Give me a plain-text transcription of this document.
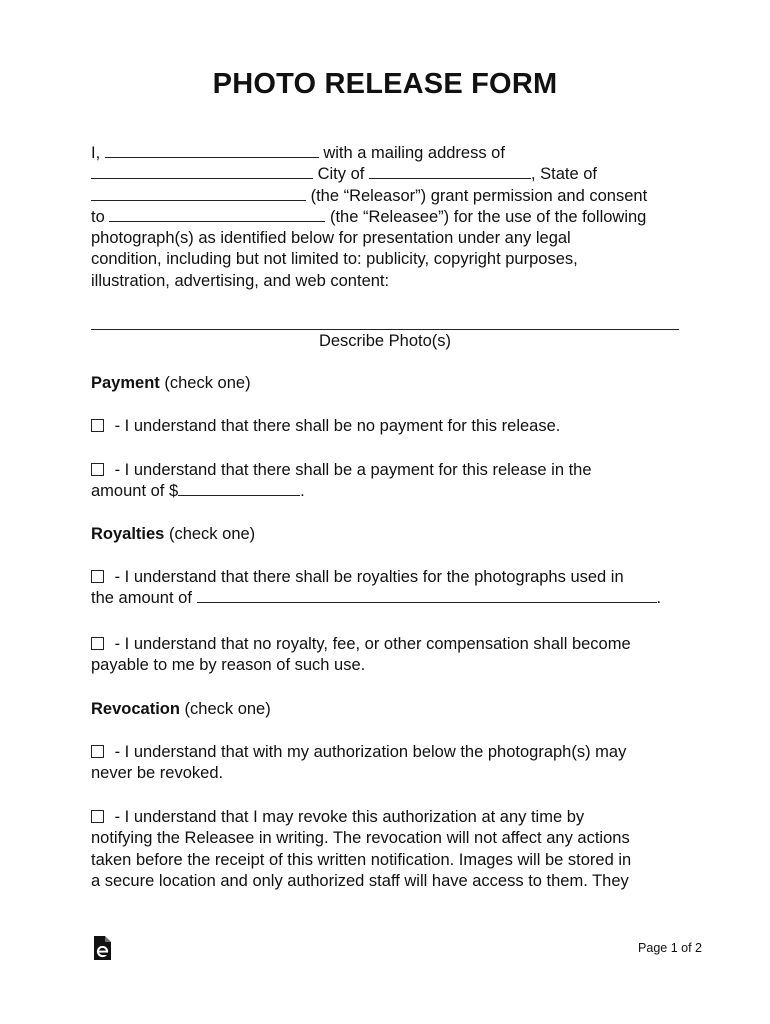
PHOTO RELEASE FORM
I,	with a mailing address of
City of	, State of
(the “Releasor”) grant permission and consent
to	(the “Releasee”) for the use of the following
photograph(s) as identified below for presentation under any legal
condition, including but not limited to: publicity, copyright purposes,
illustration, advertising, and web content:
Describe Photo(s)
Payment (check one)
- I understand that there shall be no payment for this release.
- I understand that there shall be a payment for this release in the
amount of $	.
Royalties (check one)
- I understand that there shall be royalties for the photographs used in
the amount of	.
- I understand that no royalty, fee, or other compensation shall become
payable to me by reason of such use.
Revocation (check one)
- I understand that with my authorization below the photograph(s) may
never be revoked.
- I understand that I may revoke this authorization at any time by
notifying the Releasee in writing. The revocation will not affect any actions
taken before the receipt of this written notification. Images will be stored in
a secure location and only authorized staff will have access to them. They
Page 1 of 2
